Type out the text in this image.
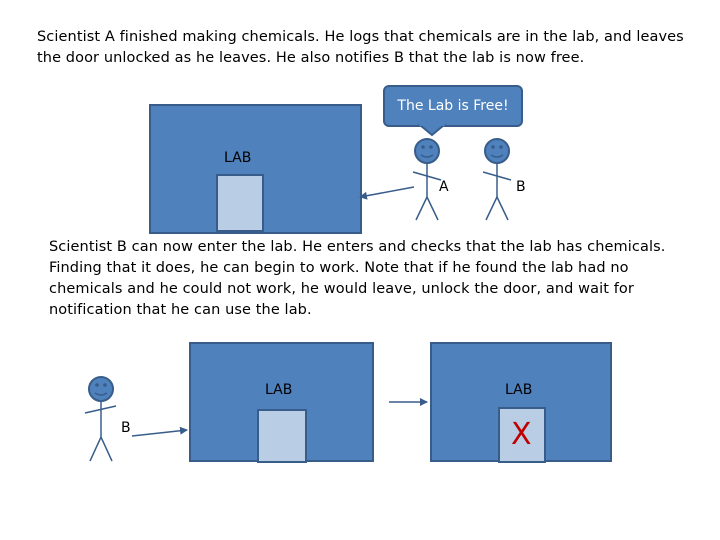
Scientist A finished making chemicals. He logs that chemicals are in the lab, and leaves
the door unlocked as he leaves. He also notifies B that the lab is now free.
LAB
The Lab is Free!
A	B
Scientist B can now enter the lab. He enters and checks that the lab has chemicals.
Finding that it does, he can begin to work. Note that if he found the lab had no
chemicals and he could not work, he would leave, unlock the door, and wait for
notification that he can use the lab.
LAB	LAB
X
B
